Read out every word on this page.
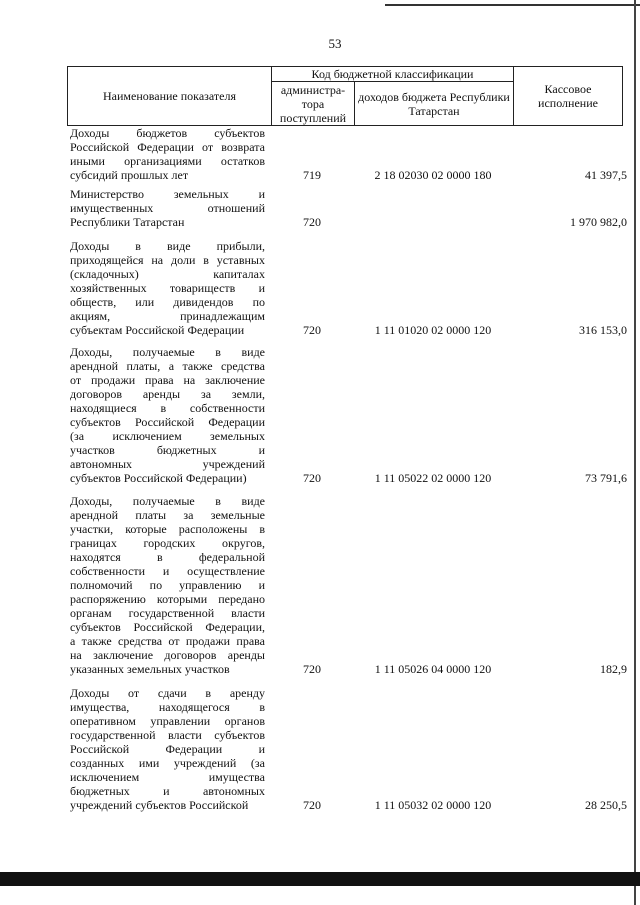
53
Наименование показателя
Код бюджетной классификации
администра-тора поступлений
доходов бюджета Республики Татарстан
Кассовое исполнение
Доходы бюджетов субъектов
Российской Федерации от возврата
иными организациями остатков
субсидий прошлых лет	719	2 18 02030 02 0000 180	41 397,5
Министерство земельных и
имущественных отношений
Республики Татарстан	720	1 970 982,0
Доходы в виде прибыли,
приходящейся на доли в уставных
(складочных) капиталах
хозяйственных товариществ и
обществ, или дивидендов по
акциям, принадлежащим
субъектам Российской Федерации	720	1 11 01020 02 0000 120	316 153,0
Доходы, получаемые в виде
арендной платы, а также средства
от продажи права на заключение
договоров аренды за земли,
находящиеся в собственности
субъектов Российской Федерации
(за исключением земельных
участков бюджетных и
автономных учреждений
субъектов Российской Федерации)	720	1 11 05022 02 0000 120	73 791,6
Доходы, получаемые в виде
арендной платы за земельные
участки, которые расположены в
границах городских округов,
находятся в федеральной
собственности и осуществление
полномочий по управлению и
распоряжению которыми передано
органам государственной власти
субъектов Российской Федерации,
а также средства от продажи права
на заключение договоров аренды
указанных земельных участков	720	1 11 05026 04 0000 120	182,9
Доходы от сдачи в аренду
имущества, находящегося в
оперативном управлении органов
государственной власти субъектов
Российской Федерации и
созданных ими учреждений (за
исключением имущества
бюджетных и автономных
учреждений субъектов Российской	720	1 11 05032 02 0000 120	28 250,5
